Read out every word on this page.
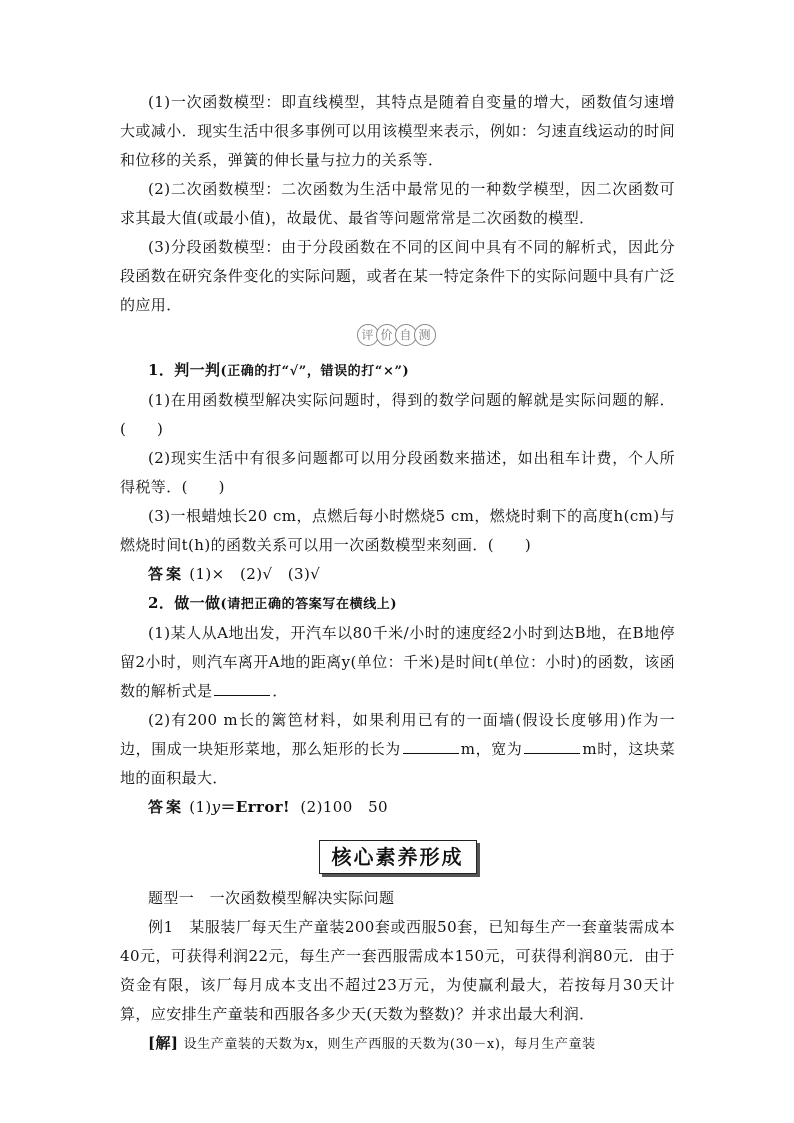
(1)一次函数模型：即直线模型，其特点是随着自变量的增大，函数值匀速增大或减小．现实生活中很多事例可以用该模型来表示，例如：匀速直线运动的时间和位移的关系，弹簧的伸长量与拉力的关系等．

(2)二次函数模型：二次函数为生活中最常见的一种数学模型，因二次函数可求其最大值(或最小值)，故最优、最省等问题常常是二次函数的模型．

(3)分段函数模型：由于分段函数在不同的区间中具有不同的解析式，因此分段函数在研究条件变化的实际问题，或者在某一特定条件下的实际问题中具有广泛的应用．

评 价 自 测

1．判一判(正确的打“√”，错误的打“×”)

(1)在用函数模型解决实际问题时，得到的数学问题的解就是实际问题的解．(　　)

(2)现实生活中有很多问题都可以用分段函数来描述，如出租车计费，个人所得税等．(　　)

(3)一根蜡烛长20 cm，点燃后每小时燃烧5 cm，燃烧时剩下的高度h(cm)与燃烧时间t(h)的函数关系可以用一次函数模型来刻画．(　　)

答案 (1)×　(2)√　(3)√

2．做一做(请把正确的答案写在横线上)

(1)某人从A地出发，开汽车以80千米/小时的速度经2小时到达B地，在B地停留2小时，则汽车离开A地的距离y(单位：千米)是时间t(单位：小时)的函数，该函数的解析式是	．

(2)有200 m长的篱笆材料，如果利用已有的一面墙(假设长度够用)作为一边，围成一块矩形菜地，那么矩形的长为	m，宽为	m时，这块菜地的面积最大．

答案 (1)y＝Error! (2)100　50

核心素养形成

题型一　一次函数模型解决实际问题

例1　某服装厂每天生产童装200套或西服50套，已知每生产一套童装需成本40元，可获得利润22元，每生产一套西服需成本150元，可获得利润80元．由于资金有限，该厂每月成本支出不超过23万元，为使赢利最大，若按每月30天计算，应安排生产童装和西服各多少天(天数为整数)？并求出最大利润．

[解] 设生产童装的天数为x，则生产西服的天数为(30－x)，每月生产童装
